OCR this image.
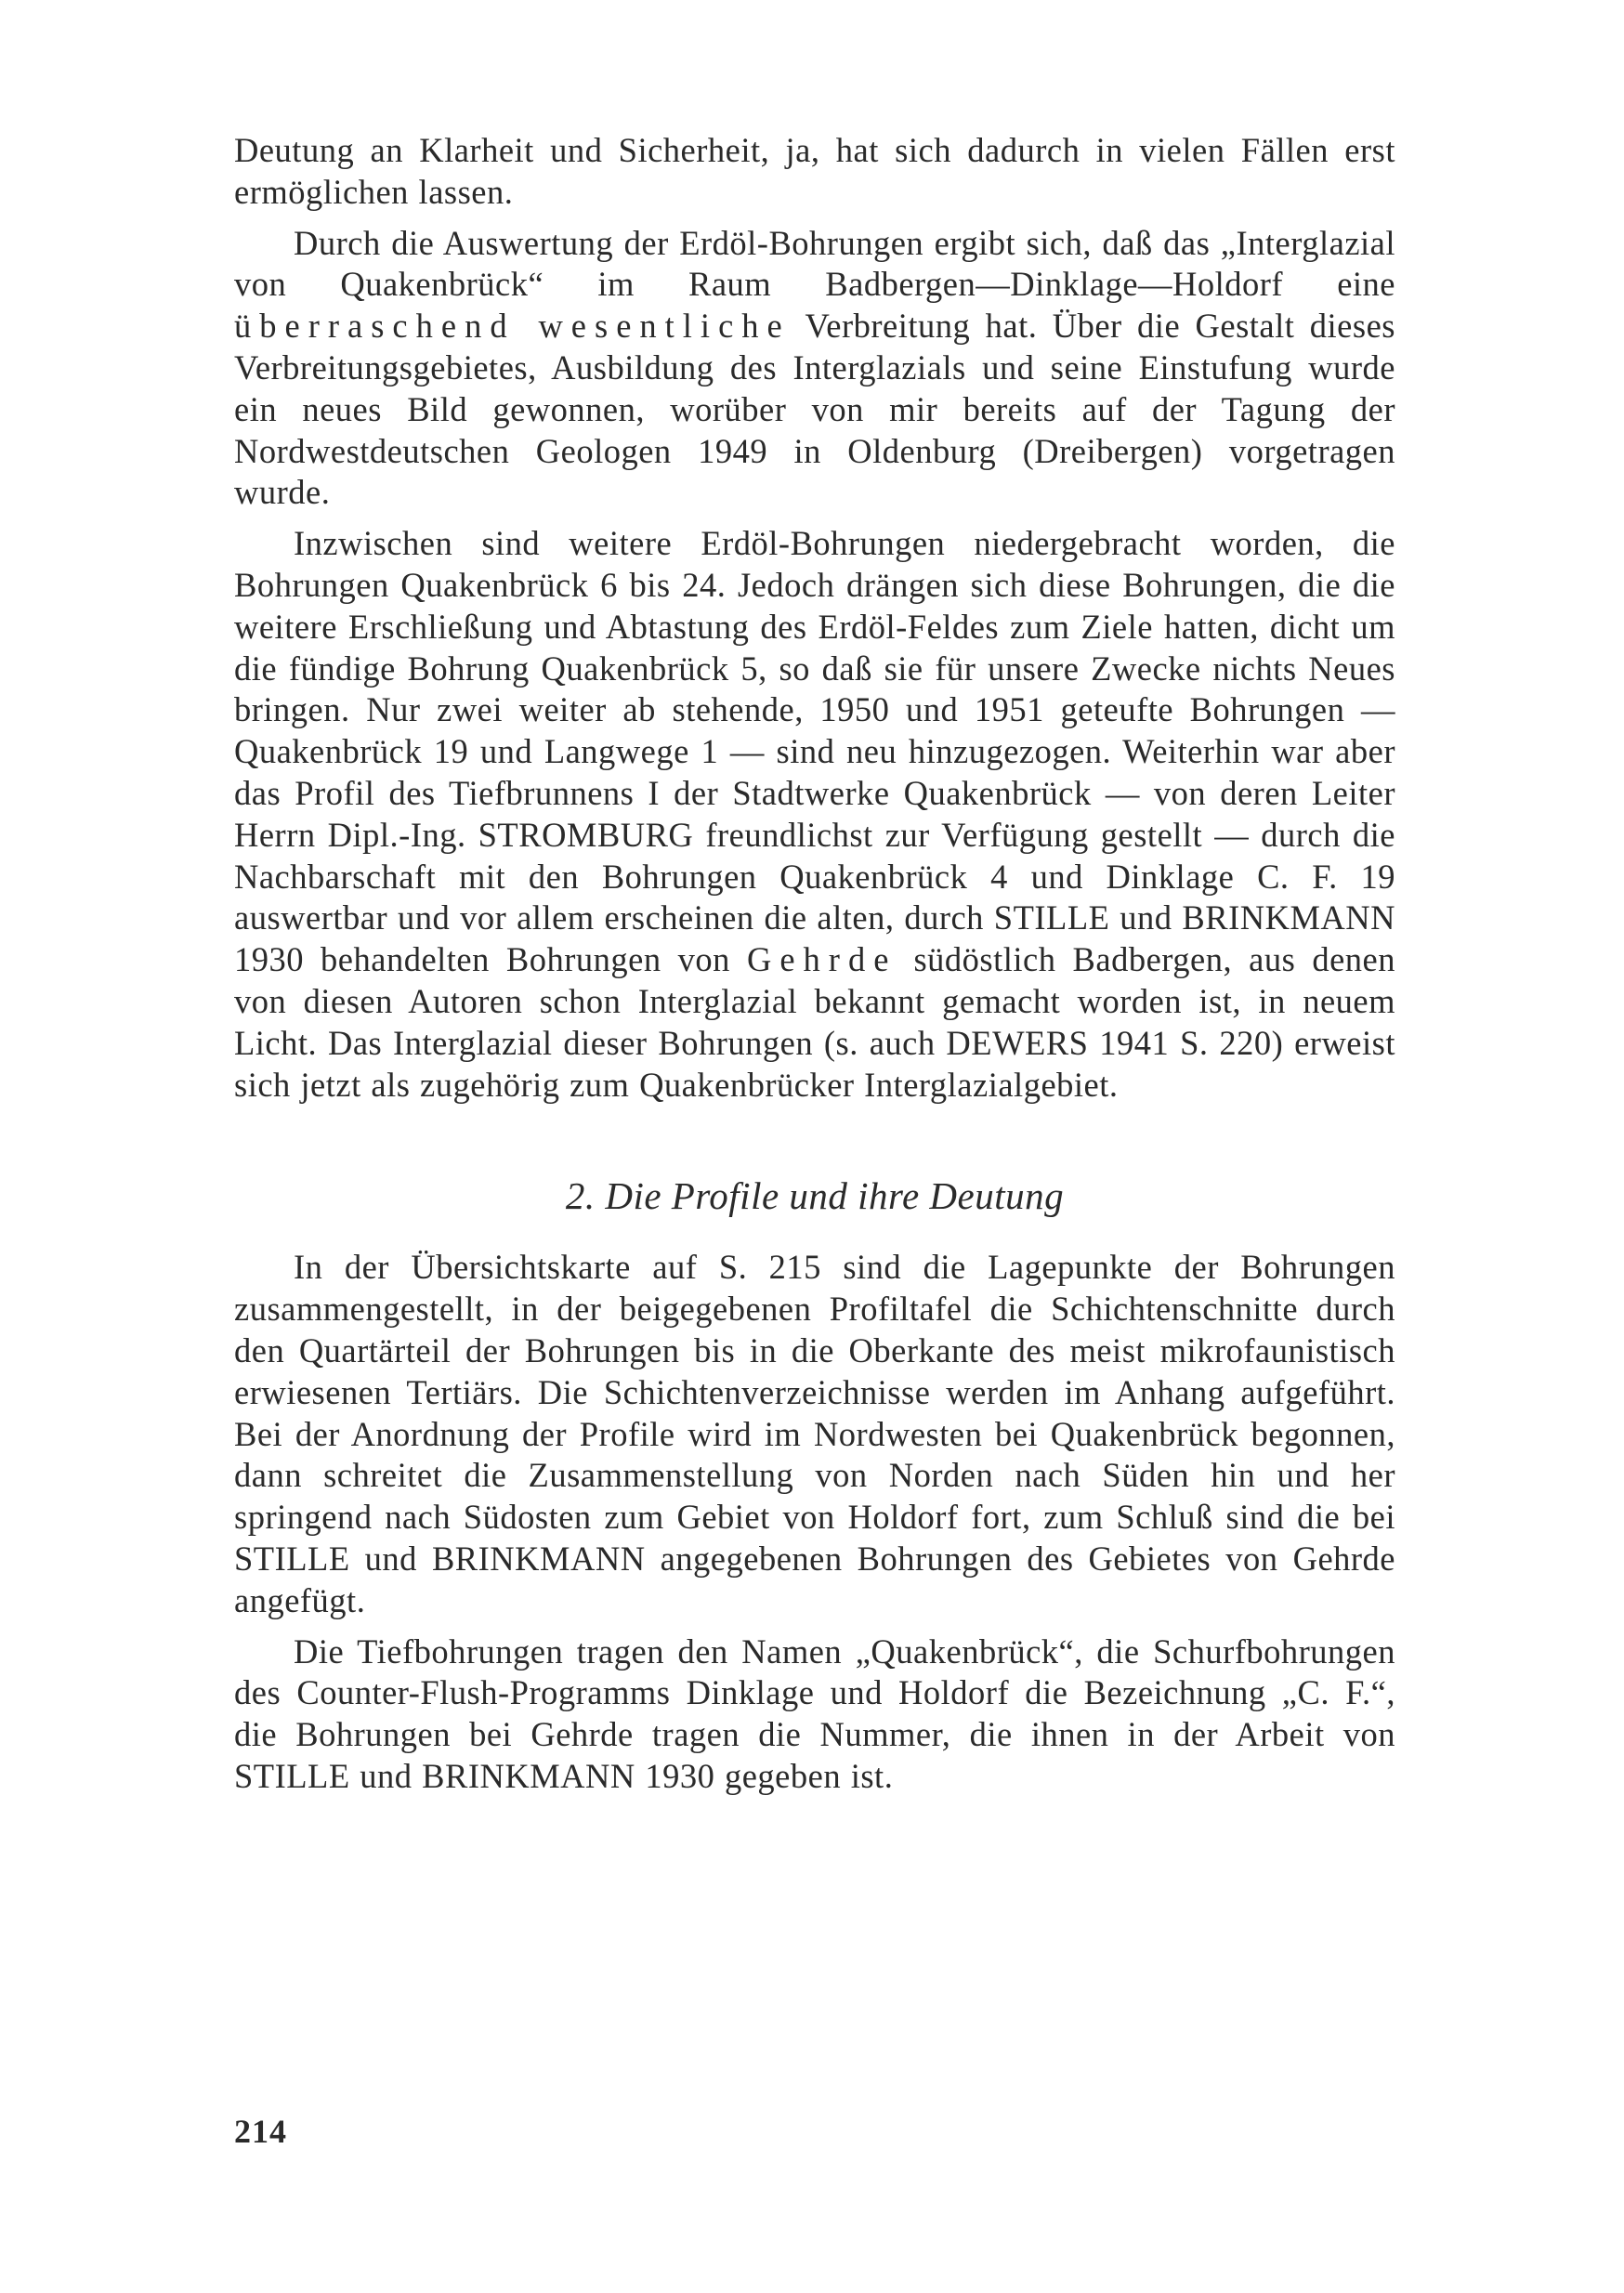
Deutung an Klarheit und Sicherheit, ja, hat sich dadurch in vielen Fällen erst ermöglichen lassen.

Durch die Auswertung der Erdöl-Bohrungen ergibt sich, daß das „Interglazial von Quakenbrück“ im Raum Badbergen—Dinklage—Holdorf eine überraschend wesentliche Verbreitung hat. Über die Gestalt dieses Verbreitungsgebietes, Ausbildung des Interglazials und seine Einstufung wurde ein neues Bild gewonnen, worüber von mir bereits auf der Tagung der Nordwestdeutschen Geologen 1949 in Oldenburg (Dreibergen) vorgetragen wurde.

Inzwischen sind weitere Erdöl-Bohrungen niedergebracht worden, die Bohrungen Quakenbrück 6 bis 24. Jedoch drängen sich diese Bohrungen, die die weitere Erschließung und Abtastung des Erdöl-Feldes zum Ziele hatten, dicht um die fündige Bohrung Quakenbrück 5, so daß sie für unsere Zwecke nichts Neues bringen. Nur zwei weiter ab stehende, 1950 und 1951 geteufte Bohrungen — Quakenbrück 19 und Langwege 1 — sind neu hinzugezogen. Weiterhin war aber das Profil des Tiefbrunnens I der Stadtwerke Quakenbrück — von deren Leiter Herrn Dipl.-Ing. STROMBURG freundlichst zur Verfügung gestellt — durch die Nachbarschaft mit den Bohrungen Quakenbrück 4 und Dinklage C. F. 19 auswertbar und vor allem erscheinen die alten, durch STILLE und BRINKMANN 1930 behandelten Bohrungen von Gehrde südöstlich Badbergen, aus denen von diesen Autoren schon Interglazial bekannt gemacht worden ist, in neuem Licht. Das Interglazial dieser Bohrungen (s. auch DEWERS 1941 S. 220) erweist sich jetzt als zugehörig zum Quakenbrücker Interglazialgebiet.

2. Die Profile und ihre Deutung

In der Übersichtskarte auf S. 215 sind die Lagepunkte der Bohrungen zusammengestellt, in der beigegebenen Profiltafel die Schichtenschnitte durch den Quartärteil der Bohrungen bis in die Oberkante des meist mikrofaunistisch erwiesenen Tertiärs. Die Schichtenverzeichnisse werden im Anhang aufgeführt. Bei der Anordnung der Profile wird im Nordwesten bei Quakenbrück begonnen, dann schreitet die Zusammenstellung von Norden nach Süden hin und her springend nach Südosten zum Gebiet von Holdorf fort, zum Schluß sind die bei STILLE und BRINKMANN angegebenen Bohrungen des Gebietes von Gehrde angefügt.

Die Tiefbohrungen tragen den Namen „Quakenbrück“, die Schurfbohrungen des Counter-Flush-Programms Dinklage und Holdorf die Bezeichnung „C. F.“, die Bohrungen bei Gehrde tragen die Nummer, die ihnen in der Arbeit von STILLE und BRINKMANN 1930 gegeben ist.

214
